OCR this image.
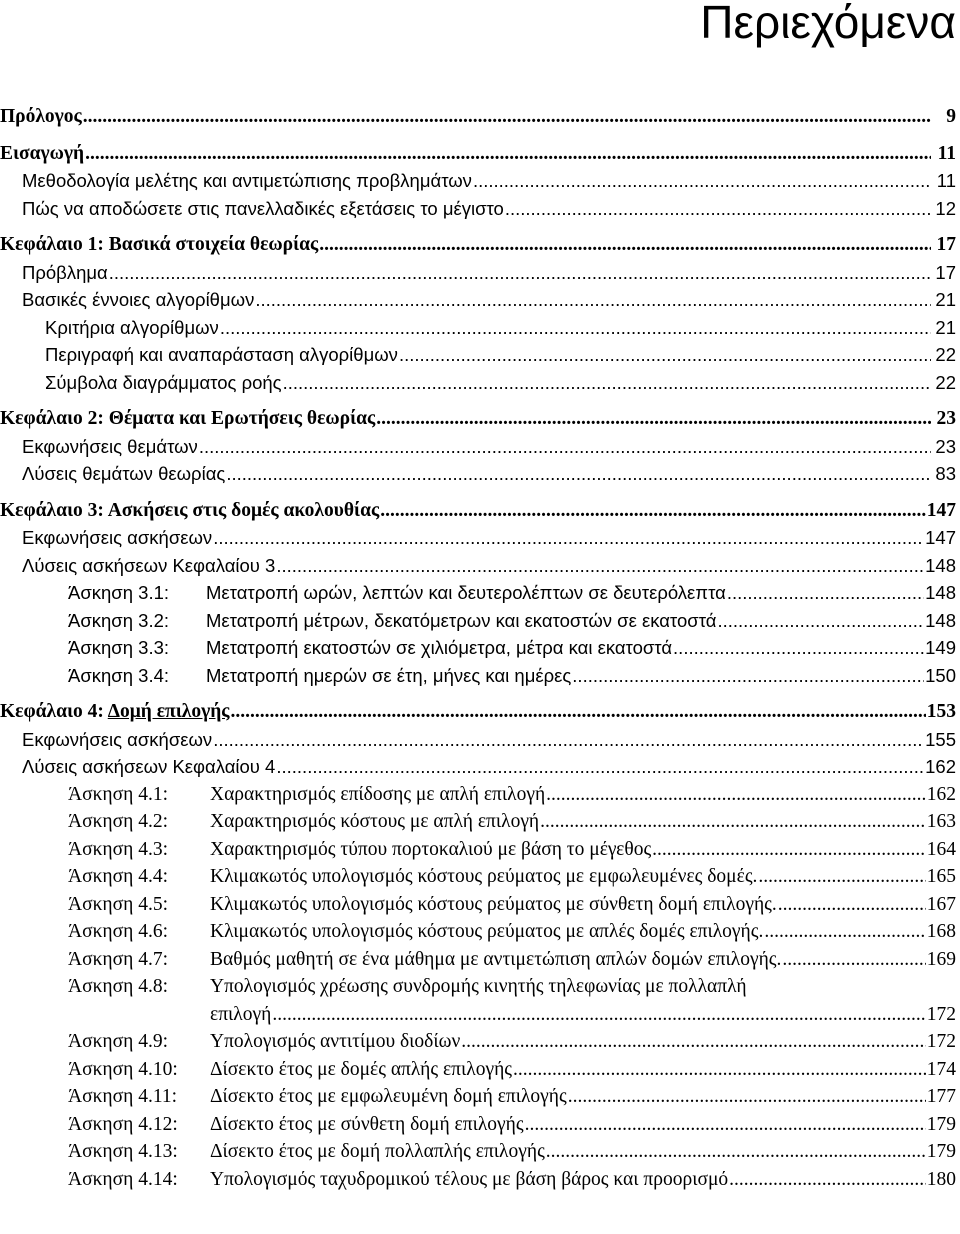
Περιεχόμενα
Πρόλογος .....	9
Εισαγωγή .....	11
Μεθοδολογία μελέτης και αντιμετώπισης προβλημάτων .....	11
Πώς να αποδώσετε στις πανελλαδικές εξετάσεις το μέγιστο .....	12
Κεφάλαιο 1: Βασικά στοιχεία θεωρίας .....	17
Πρόβλημα .....	17
Βασικές έννοιες αλγορίθμων .....	21
Κριτήρια αλγορίθμων .....	21
Περιγραφή και αναπαράσταση αλγορίθμων .....	22
Σύμβολα διαγράμματος ροής .....	22
Κεφάλαιο 2: Θέματα και Ερωτήσεις θεωρίας .....	23
Εκφωνήσεις θεμάτων .....	23
Λύσεις θεμάτων θεωρίας .....	83
Κεφάλαιο 3: Ασκήσεις στις δομές ακολουθίας .....	147
Εκφωνήσεις ασκήσεων .....	147
Λύσεις ασκήσεων Κεφαλαίου 3 .....	148
Άσκηση 3.1: Μετατροπή ωρών, λεπτών και δευτερολέπτων σε δευτερόλεπτα .....	148
Άσκηση 3.2: Μετατροπή μέτρων, δεκατόμετρων και εκατοστών σε εκατοστά .....	148
Άσκηση 3.3: Μετατροπή εκατοστών σε χιλιόμετρα, μέτρα και εκατοστά .....	149
Άσκηση 3.4: Μετατροπή ημερών σε έτη, μήνες και ημέρες .....	150
Κεφάλαιο 4: Δομή επιλογής .....	153
Εκφωνήσεις ασκήσεων .....	155
Λύσεις ασκήσεων Κεφαλαίου 4 .....	162
Άσκηση 4.1: Χαρακτηρισμός επίδοσης με απλή επιλογή .....	162
Άσκηση 4.2: Χαρακτηρισμός κόστους με απλή επιλογή .....	163
Άσκηση 4.3: Χαρακτηρισμός τύπου πορτοκαλιού με βάση το μέγεθος .....	164
Άσκηση 4.4: Κλιμακωτός υπολογισμός κόστους ρεύματος με εμφωλευμένες δομές. .....	165
Άσκηση 4.5: Κλιμακωτός υπολογισμός κόστους ρεύματος με σύνθετη δομή επιλογής. .....	167
Άσκηση 4.6: Κλιμακωτός υπολογισμός κόστους ρεύματος με απλές δομές επιλογής. .....	168
Άσκηση 4.7: Βαθμός μαθητή σε ένα μάθημα με αντιμετώπιση απλών δομών επιλογής. .....	169
Άσκηση 4.8: Υπολογισμός χρέωσης συνδρομής κινητής τηλεφωνίας με πολλαπλή
επιλογή .....	172
Άσκηση 4.9: Υπολογισμός αντιτίμου διοδίων .....	172
Άσκηση 4.10: Δίσεκτο έτος με δομές απλής επιλογής .....	174
Άσκηση 4.11: Δίσεκτο έτος με εμφωλευμένη δομή επιλογής .....	177
Άσκηση 4.12: Δίσεκτο έτος με σύνθετη δομή επιλογής .....	179
Άσκηση 4.13: Δίσεκτο έτος με δομή πολλαπλής επιλογής .....	179
Άσκηση 4.14: Υπολογισμός ταχυδρομικού τέλους με βάση βάρος και προορισμό .....	180
